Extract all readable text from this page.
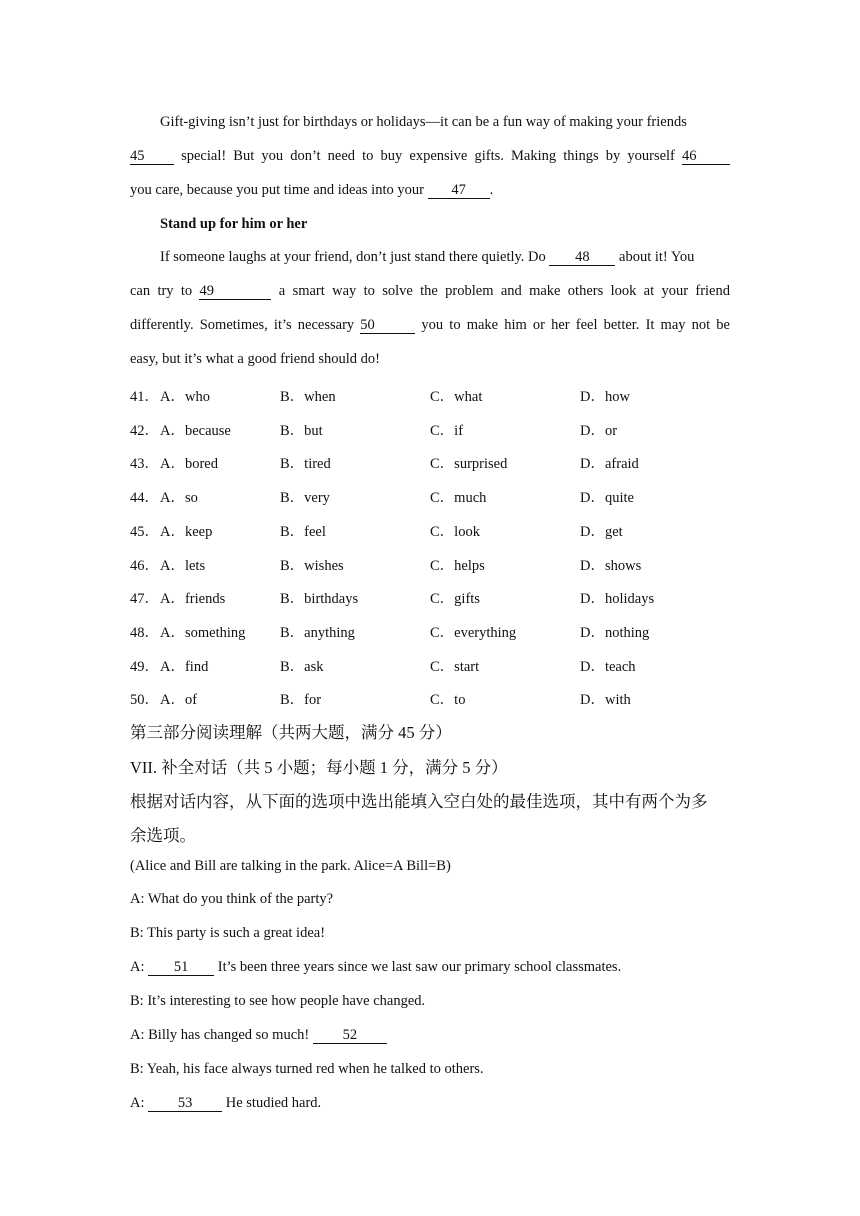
Gift-giving isn’t just for birthdays or holidays—it can be a fun way of making your friends
45 special! But you don’t need to buy expensive gifts. Making things by yourself 46
you care, because you put time and ideas into your 47 .
Stand up for him or her
If someone laughs at your friend, don’t just stand there quietly. Do 48 about it! You
can try to 49	a smart way to solve the problem and make others look at your friend
differently. Sometimes, it’s necessary 50	you to make him or her feel better. It may not be
easy, but it’s what a good friend should do!
41． A．who	B．when	C．what	D．how
42． A．because	B．but	C．if	D．or
43． A．bored	B．tired	C．surprised	D．afraid
44． A．so	B．very	C．much	D．quite
45． A．keep	B．feel	C．look	D．get
46． A．lets	B．wishes	C．helps	D．shows
47． A．friends	B．birthdays	C．gifts	D．holidays
48． A．something B．anything	C．everything	D．nothing
49． A．find	B．ask	C．start	D．teach
50． A．of	B．for	C．to	D．with
第三部分阅读理解（共两大题，满分 45 分）
VII. 补全对话（共 5 小题；每小题 1 分，满分 5 分）
根据对话内容，从下面的选项中选出能填入空白处的最佳选项，其中有两个为多
余选项。
(Alice and Bill are talking in the park. Alice=A Bill=B)
A: What do you think of the party?
B: This party is such a great idea!
A: 51 It’s been three years since we last saw our primary school classmates.
B: It’s interesting to see how people have changed.
A: Billy has changed so much! 52
B: Yeah, his face always turned red when he talked to others.
A: 53 He studied hard.
